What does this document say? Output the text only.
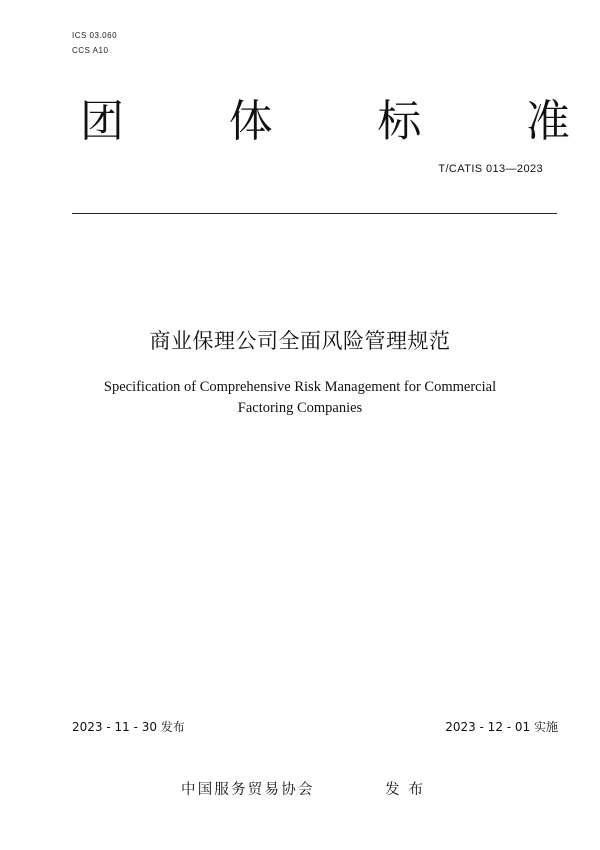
ICS 03.060
CCS A10
团 体 标 准
T/CATIS 013—2023
商业保理公司全面风险管理规范
Specification of Comprehensive Risk Management for Commercial
Factoring Companies
2023 - 11 - 30 发布	2023 - 12 - 01 实施
中国服务贸易协会	发布
